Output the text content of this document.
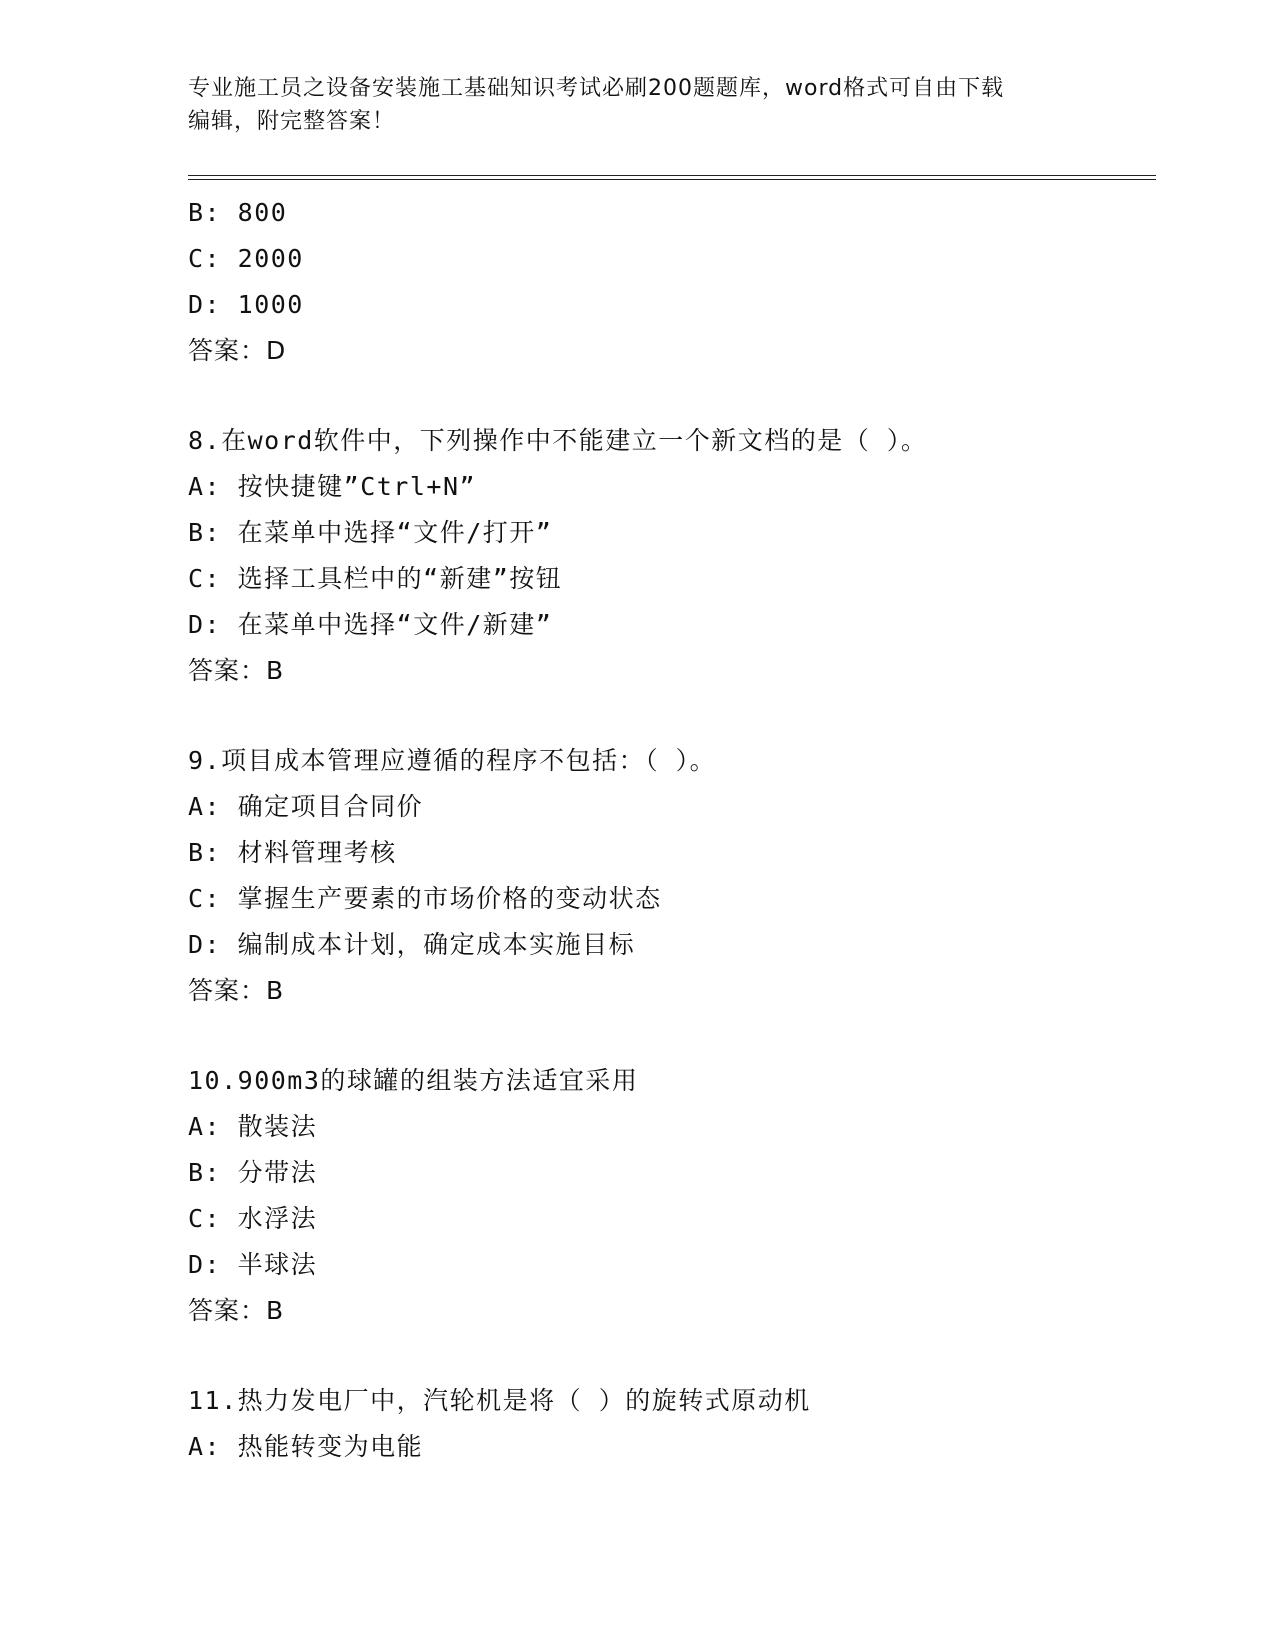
专业施工员之设备安装施工基础知识考试必刷200题题库，word格式可自由下载
编辑，附完整答案！
B: 800
C: 2000
D: 1000
答案：D
8.在word软件中，下列操作中不能建立一个新文档的是（ ）。
A: 按快捷键”Ctrl+N”
B: 在菜单中选择“文件/打开”
C: 选择工具栏中的“新建”按钮
D: 在菜单中选择“文件/新建”
答案：B
9.项目成本管理应遵循的程序不包括：（ ）。
A: 确定项目合同价
B: 材料管理考核
C: 掌握生产要素的市场价格的变动状态
D: 编制成本计划，确定成本实施目标
答案：B
10.900m3的球罐的组装方法适宜采用
A: 散装法
B: 分带法
C: 水浮法
D: 半球法
答案：B
11.热力发电厂中，汽轮机是将（ ）的旋转式原动机
A: 热能转变为电能
